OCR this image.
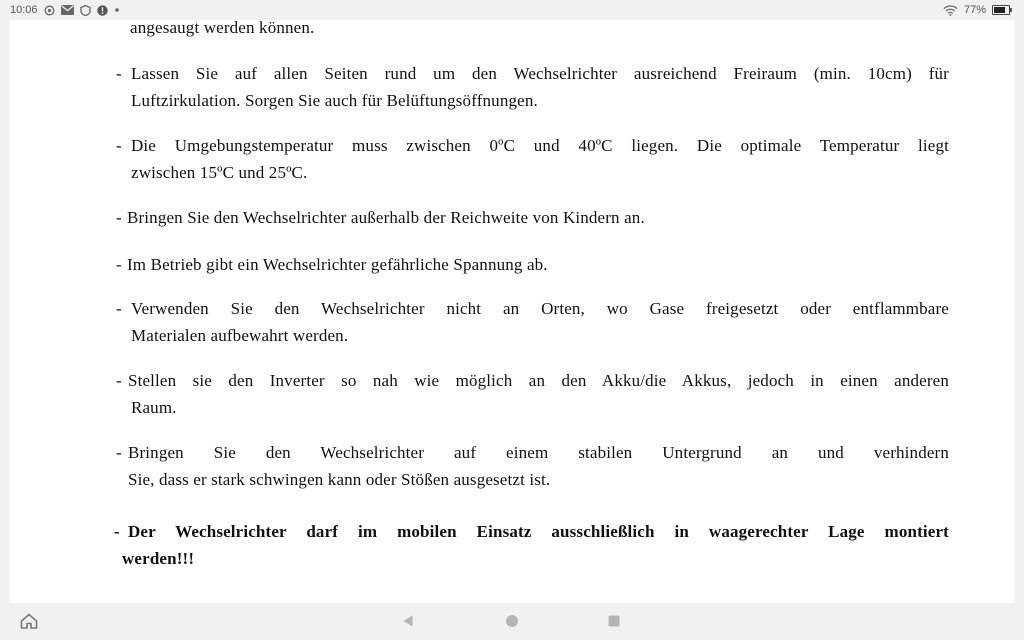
10:06	77%
angesaugt werden können.
- Lassen Sie auf allen Seiten rund um den Wechselrichter ausreichend Freiraum (min. 10cm) für
Luftzirkulation. Sorgen Sie auch für Belüftungsöffnungen.
- Die Umgebungstemperatur muss zwischen 0ºC und 40ºC liegen. Die optimale Temperatur liegt
zwischen 15ºC und 25ºC.
- Bringen Sie den Wechselrichter außerhalb der Reichweite von Kindern an.
- Im Betrieb gibt ein Wechselrichter gefährliche Spannung ab.
- Verwenden Sie den Wechselrichter nicht an Orten, wo Gase freigesetzt oder entflammbare
Materialen aufbewahrt werden.
- Stellen sie den Inverter so nah wie möglich an den Akku/die Akkus, jedoch in einen anderen
Raum.
- Bringen Sie den Wechselrichter auf einem stabilen Untergrund an und verhindern
Sie, dass er stark schwingen kann oder Stößen ausgesetzt ist.
- Der Wechselrichter darf im mobilen Einsatz ausschließlich in waagerechter Lage montiert
werden!!!
